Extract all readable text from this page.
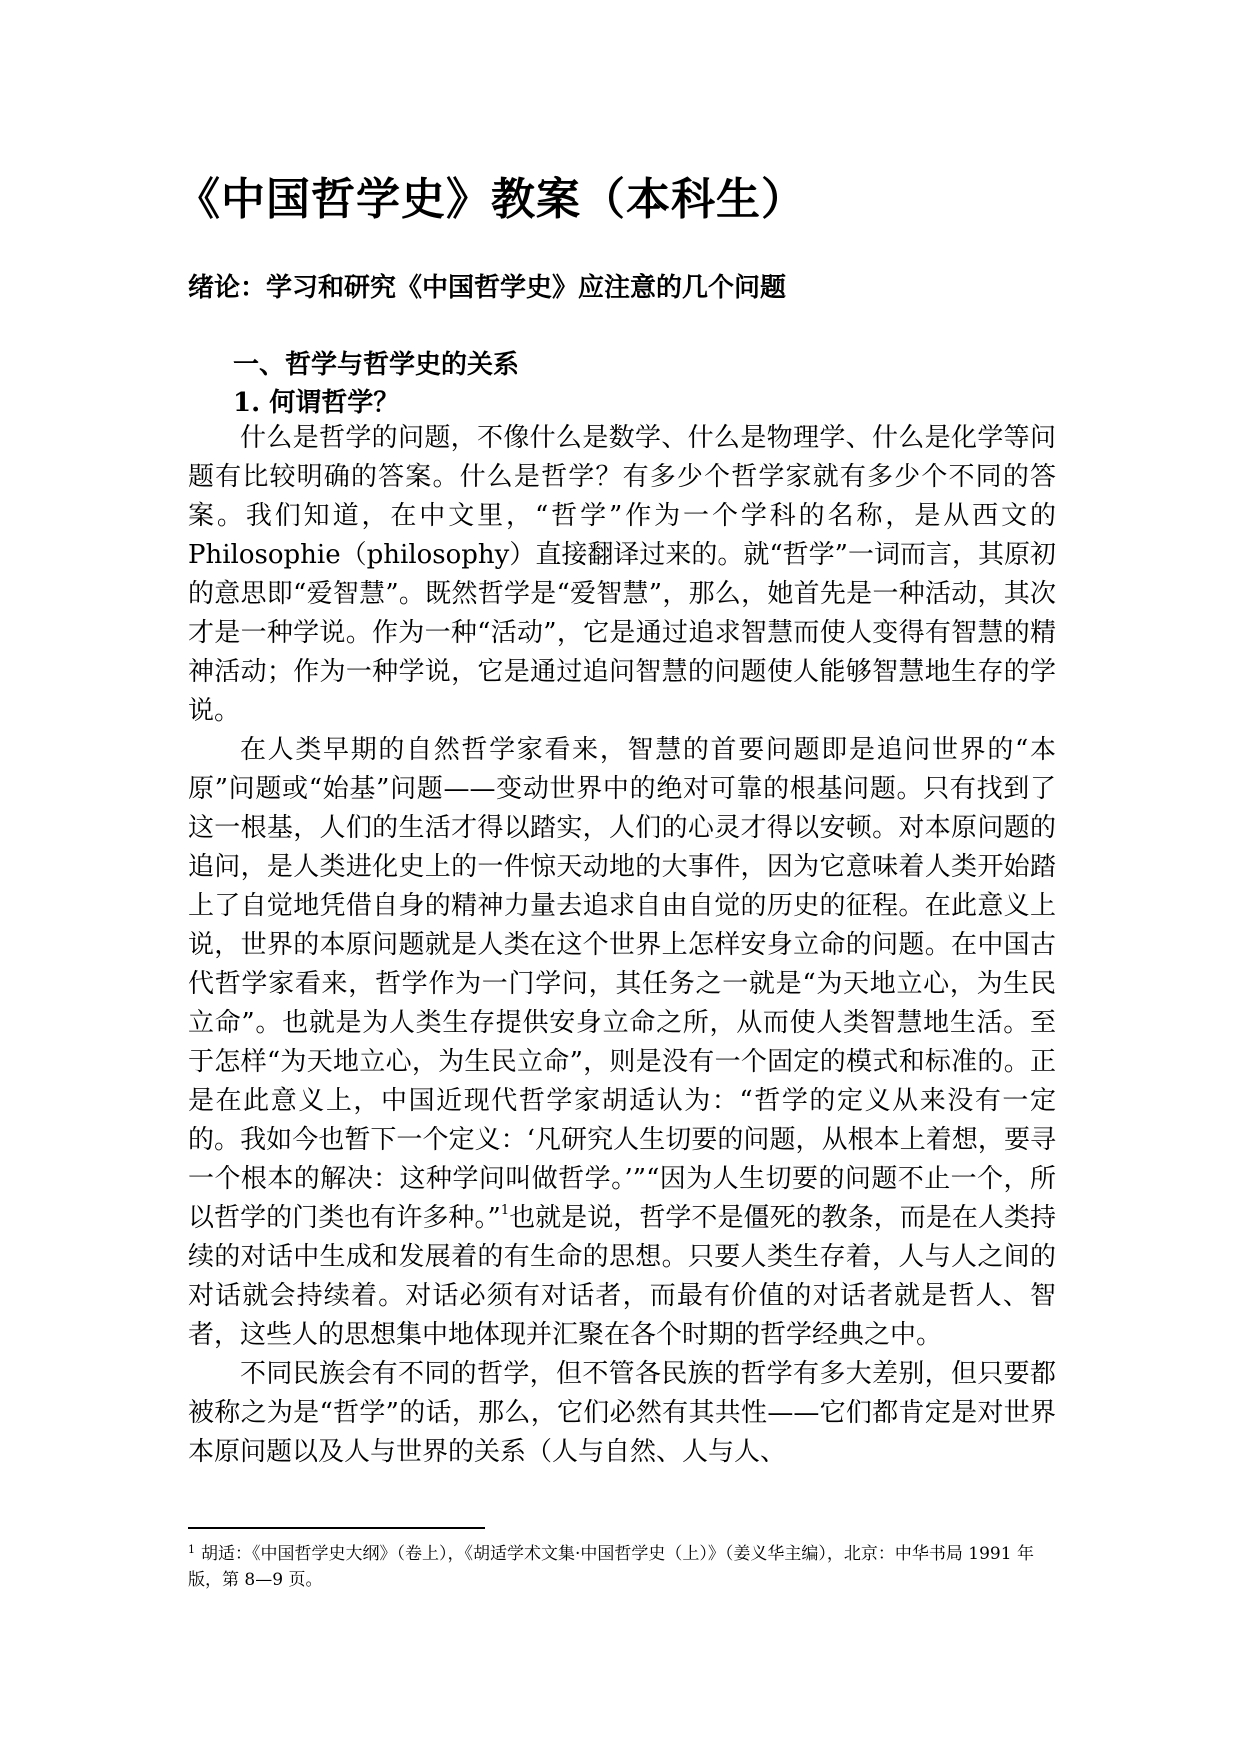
《中国哲学史》教案（本科生）
绪论：学习和研究《中国哲学史》应注意的几个问题
一、哲学与哲学史的关系
1. 何谓哲学？

什么是哲学的问题，不像什么是数学、什么是物理学、什么是化学等问题有比较明确的答案。什么是哲学？有多少个哲学家就有多少个不同的答案。我们知道，在中文里，“哲学”作为一个学科的名称，是从西文的 Philosophie（philosophy）直接翻译过来的。就“哲学”一词而言，其原初的意思即“爱智慧”。既然哲学是“爱智慧”，那么，她首先是一种活动，其次才是一种学说。作为一种“活动”，它是通过追求智慧而使人变得有智慧的精神活动；作为一种学说，它是通过追问智慧的问题使人能够智慧地生存的学说。

在人类早期的自然哲学家看来，智慧的首要问题即是追问世界的“本原”问题或“始基”问题——变动世界中的绝对可靠的根基问题。只有找到了这一根基，人们的生活才得以踏实，人们的心灵才得以安顿。对本原问题的追问，是人类进化史上的一件惊天动地的大事件，因为它意味着人类开始踏上了自觉地凭借自身的精神力量去追求自由自觉的历史的征程。在此意义上说，世界的本原问题就是人类在这个世界上怎样安身立命的问题。在中国古代哲学家看来，哲学作为一门学问，其任务之一就是“为天地立心，为生民立命”。也就是为人类生存提供安身立命之所，从而使人类智慧地生活。至于怎样“为天地立心，为生民立命”，则是没有一个固定的模式和标准的。正是在此意义上，中国近现代哲学家胡适认为：“哲学的定义从来没有一定的。我如今也暂下一个定义：‘凡研究人生切要的问题，从根本上着想，要寻一个根本的解决：这种学问叫做哲学。’”“因为人生切要的问题不止一个，所以哲学的门类也有许多种。”$^1$也就是说，哲学不是僵死的教条，而是在人类持续的对话中生成和发展着的有生命的思想。只要人类生存着，人与人之间的对话就会持续着。对话必须有对话者，而最有价值的对话者就是哲人、智者，这些人的思想集中地体现并汇聚在各个时期的哲学经典之中。

不同民族会有不同的哲学，但不管各民族的哲学有多大差别，但只要都被称之为是“哲学”的话，那么，它们必然有其共性——它们都肯定是对世界本原问题以及人与世界的关系（人与自然、人与人、

$^1$ 胡适：《中国哲学史大纲》（卷上），《胡适学术文集·中国哲学史（上）》（姜义华主编），北京：中华书局 1991 年版，第 8—9 页。
